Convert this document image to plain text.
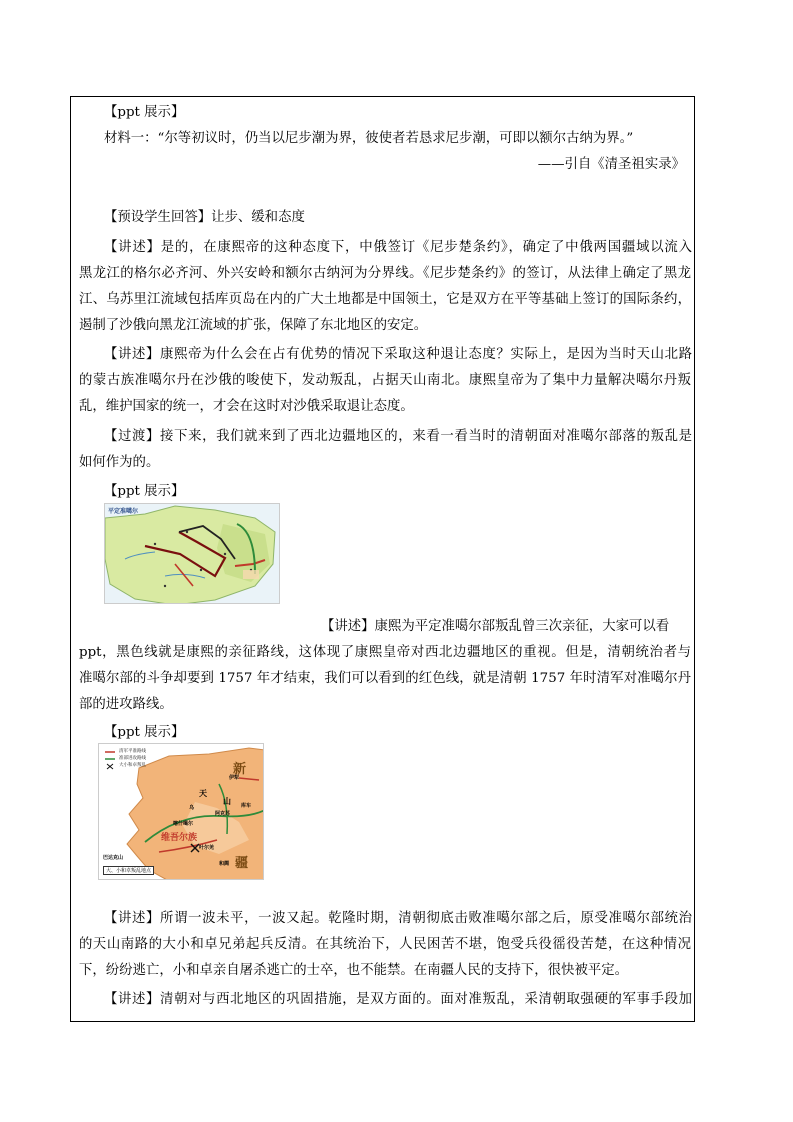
【ppt 展示】
材料一：“尔等初议时，仍当以尼步潮为界，彼使者若恳求尼步潮，可即以额尔古纳为界。”
——引自《清圣祖实录》
【预设学生回答】让步、缓和态度
【讲述】是的，在康熙帝的这种态度下，中俄签订《尼步楚条约》，确定了中俄两国疆域以流入
黑龙江的格尔必齐河、外兴安岭和额尔古纳河为分界线。《尼步楚条约》的签订，从法律上确定了黑龙
江、乌苏里江流域包括库页岛在内的广大土地都是中国领土，它是双方在平等基础上签订的国际条约，
遏制了沙俄向黑龙江流域的扩张，保障了东北地区的安定。
【讲述】康熙帝为什么会在占有优势的情况下采取这种退让态度？实际上，是因为当时天山北路
的蒙古族准噶尔丹在沙俄的唆使下，发动叛乱，占据天山南北。康熙皇帝为了集中力量解决噶尔丹叛
乱，维护国家的统一，才会在这时对沙俄采取退让态度。
【过渡】接下来，我们就来到了西北边疆地区的，来看一看当时的清朝面对准噶尔部落的叛乱是
如何作为的。
【ppt 展示】
平定准噶尔
【讲述】康熙为平定准噶尔部叛乱曾三次亲征，大家可以看
ppt，黑色线就是康熙的亲征路线，这体现了康熙皇帝对西北边疆地区的重视。但是，清朝统治者与
准噶尔部的斗争却要到 1757 年才结束，我们可以看到的红色线，就是清朝 1757 年时清军对准噶尔丹
部的进攻路线。
【ppt 展示】
清军平准路线
准部进攻路线
大小和卓叛乱	新
疆
维吾尔族
伊犁
天
山 库车
阿克苏
喀什噶尔
叶尔羌
和阗
巴达克山
乌
大、小和卓叛乱地点
【讲述】所谓一波未平，一波又起。乾隆时期，清朝彻底击败准噶尔部之后，原受准噶尔部统治
的天山南路的大小和卓兄弟起兵反清。在其统治下，人民困苦不堪，饱受兵役徭役苦楚，在这种情况
下，纷纷逃亡，小和卓亲自屠杀逃亡的士卒，也不能禁。在南疆人民的支持下，很快被平定。
【讲述】清朝对与西北地区的巩固措施，是双方面的。面对准叛乱，采清朝取强硬的军事手段加
